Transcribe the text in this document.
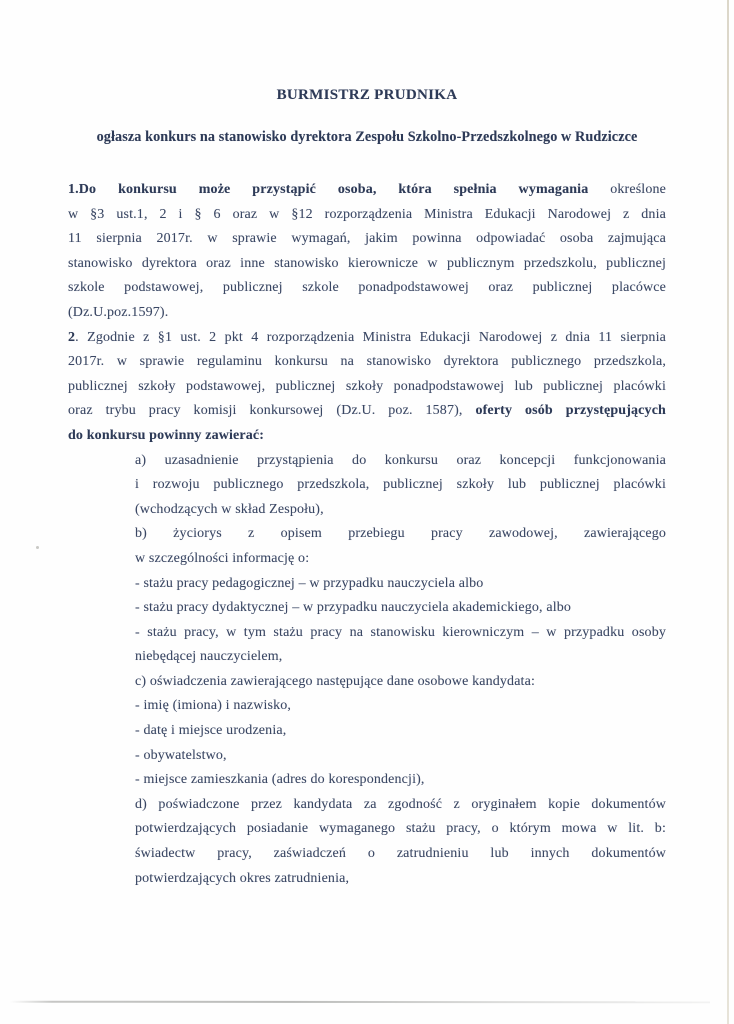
BURMISTRZ PRUDNIKA
ogłasza konkurs na stanowisko dyrektora Zespołu Szkolno-Przedszkolnego w Rudziczce
1.Do konkursu może przystąpić osoba, która spełnia wymagania określone
w §3 ust.1, 2 i § 6 oraz w §12 rozporządzenia Ministra Edukacji Narodowej z dnia
11 sierpnia 2017r. w sprawie wymagań, jakim powinna odpowiadać osoba zajmująca
stanowisko dyrektora oraz inne stanowisko kierownicze w publicznym przedszkolu, publicznej
szkole podstawowej, publicznej szkole ponadpodstawowej oraz publicznej placówce
(Dz.U.poz.1597).
2. Zgodnie z §1 ust. 2 pkt 4 rozporządzenia Ministra Edukacji Narodowej z dnia 11 sierpnia
2017r. w sprawie regulaminu konkursu na stanowisko dyrektora publicznego przedszkola,
publicznej szkoły podstawowej, publicznej szkoły ponadpodstawowej lub publicznej placówki
oraz trybu pracy komisji konkursowej (Dz.U. poz. 1587), oferty osób przystępujących
do konkursu powinny zawierać:
a) uzasadnienie przystąpienia do konkursu oraz koncepcji funkcjonowania
i rozwoju publicznego przedszkola, publicznej szkoły lub publicznej placówki
(wchodzących w skład Zespołu),
b) życiorys z opisem przebiegu pracy zawodowej, zawierającego
w szczególności informację o:
- stażu pracy pedagogicznej – w przypadku nauczyciela albo
- stażu pracy dydaktycznej – w przypadku nauczyciela akademickiego, albo
- stażu pracy, w tym stażu pracy na stanowisku kierowniczym – w przypadku osoby
niebędącej nauczycielem,
c) oświadczenia zawierającego następujące dane osobowe kandydata:
- imię (imiona) i nazwisko,
- datę i miejsce urodzenia,
- obywatelstwo,
- miejsce zamieszkania (adres do korespondencji),
d) poświadczone przez kandydata za zgodność z oryginałem kopie dokumentów
potwierdzających posiadanie wymaganego stażu pracy, o którym mowa w lit. b:
świadectw pracy, zaświadczeń o zatrudnieniu lub innych dokumentów
potwierdzających okres zatrudnienia,
